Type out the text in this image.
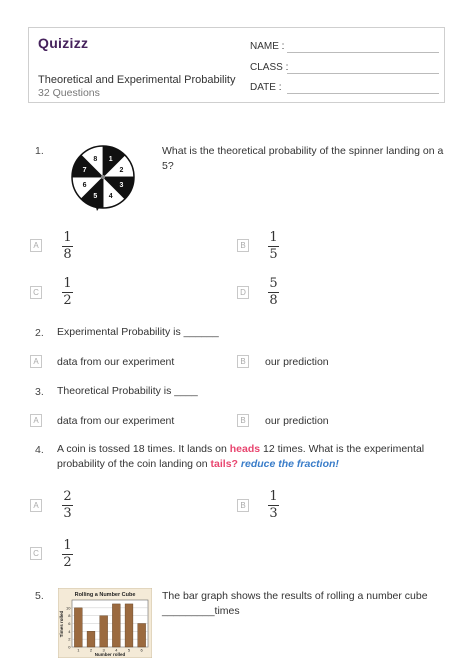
Quizizz
Theoretical and Experimental Probability
32 Questions
NAME :
CLASS :
DATE :
1.
1
2
3
4
5
6
7
8
What is the theoretical probability of the spinner landing on a 5?
A
1
8
B
1
5
C
1
2
D
5
8
2. Experimental Probability is ______
A	data from our experiment	B	our prediction
3. Theoretical Probability is ____
A	data from our experiment	B	our prediction
4. A coin is tossed 18 times. It lands on heads 12 times. What is the experimental
probability of the coin landing on tails? reduce the fraction!
A
2
3
B
1
3
C
1
2
5.	Rolling a Number Cube
0
2
4
6
8
10
1	2	3	4	5	6
Number rolled
Times rolled
The bar graph shows the results of rolling a number cube
_________times
